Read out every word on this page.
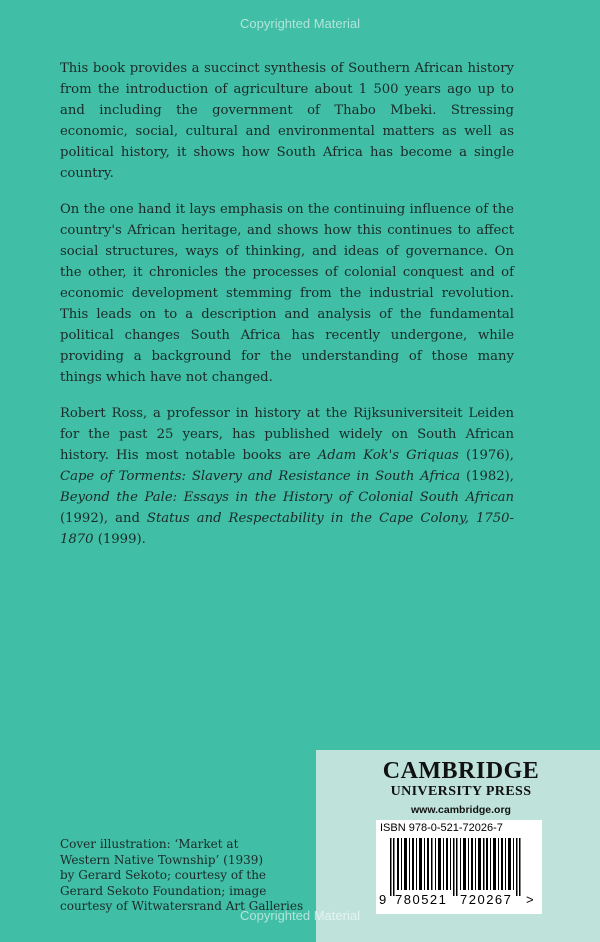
Copyrighted Material

This book provides a succinct synthesis of Southern African history from the introduction of agriculture about 1 500 years ago up to and including the government of Thabo Mbeki. Stressing economic, social, cultural and environmental matters as well as political history, it shows how South Africa has become a single country.

On the one hand it lays emphasis on the continuing influence of the country's African heritage, and shows how this continues to affect social structures, ways of thinking, and ideas of governance. On the other, it chronicles the processes of colonial conquest and of economic development stemming from the industrial revolution. This leads on to a description and analysis of the fundamental political changes South Africa has recently undergone, while providing a background for the understanding of those many things which have not changed.

Robert Ross, a professor in history at the Rijksuniversiteit Leiden for the past 25 years, has published widely on South African history. His most notable books are Adam Kok's Griquas (1976), Cape of Torments: Slavery and Resistance in South Africa (1982), Beyond the Pale: Essays in the History of Colonial South African (1992), and Status and Respectability in the Cape Colony, 1750-1870 (1999).

Cover illustration: ‘Market at
Western Native Township’ (1939)
by Gerard Sekoto; courtesy of the
Gerard Sekoto Foundation; image
courtesy of Witwatersrand Art Galleries
CAMBRIDGE
UNIVERSITY PRESS
www.cambridge.org
ISBN 978-0-521-72026-7
9 780521 720267 >
Copyrighted Material
